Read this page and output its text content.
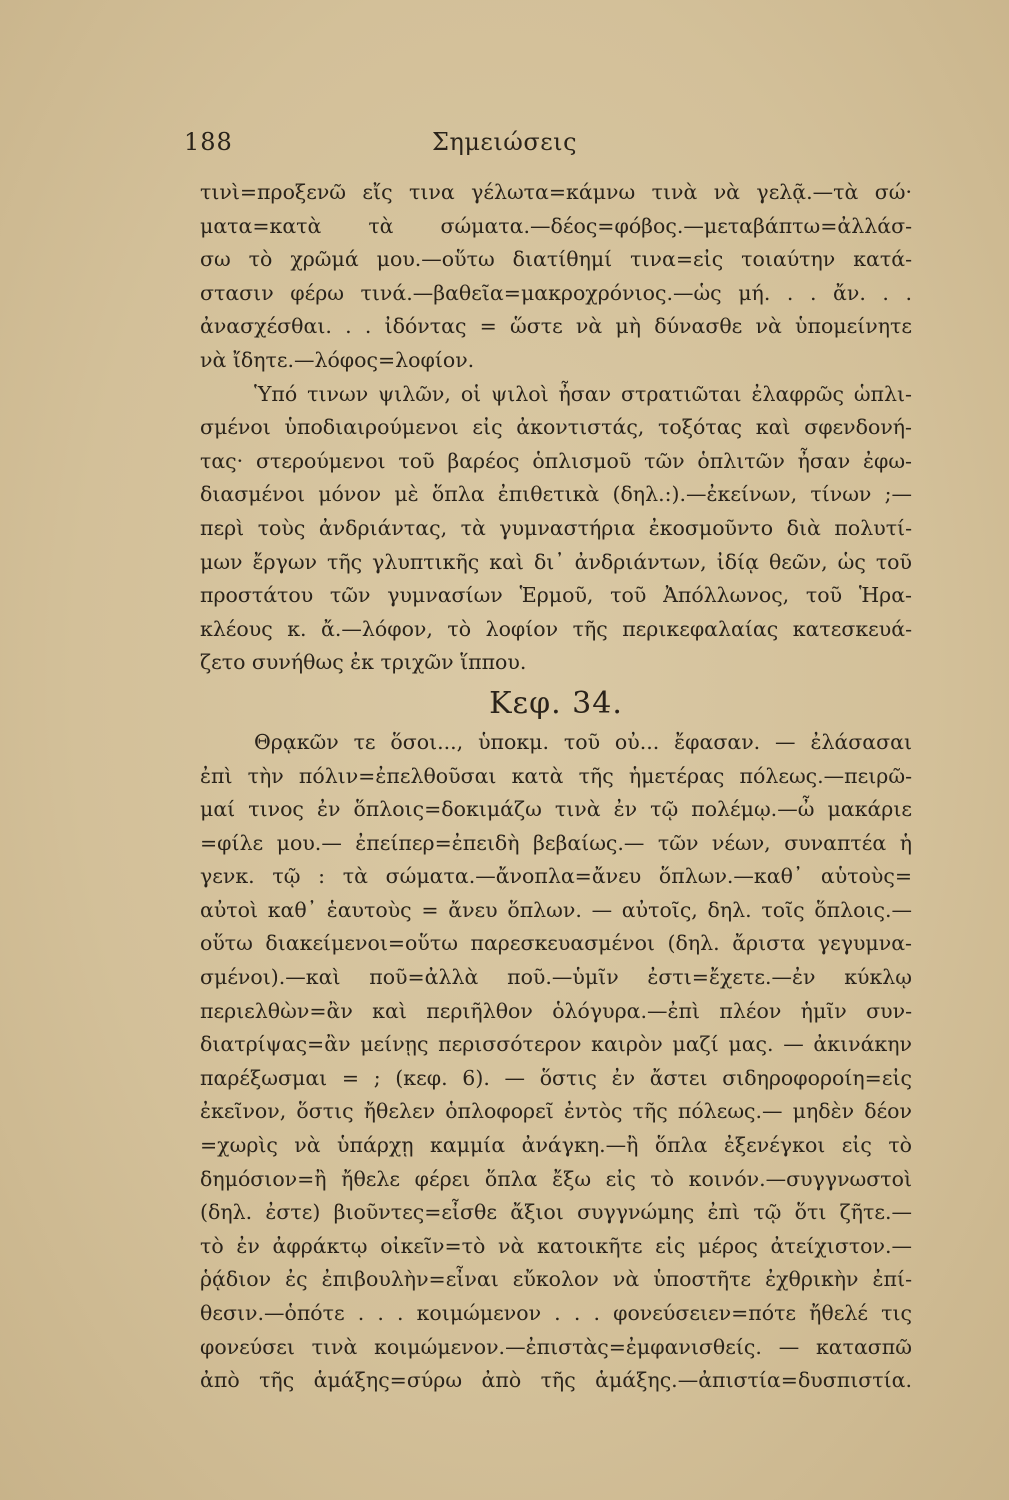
188	Σημειώσεις
τινὶ=προξενῶ εἴς τινα γέλωτα=κάμνω τινὰ νὰ γελᾷ.—τὰ σώ·
ματα=κατὰ τὰ σώματα.—δέος=φόβος.—μεταβάπτω=ἀλλάσ-
σω τὸ χρῶμά μου.—οὕτω διατίθημί τινα=εἰς τοιαύτην κατά-
στασιν φέρω τινά.—βαθεῖα=μακροχρόνιος.—ὡς μή. . . ἄν. . .
ἀνασχέσθαι. . . ἰδόντας = ὥστε νὰ μὴ δύνασθε νὰ ὑπομείνητε
νὰ ἴδητε.—λόφος=λοφίον.
Ὑπό τινων ψιλῶν, οἱ ψιλοὶ ἦσαν στρατιῶται ἐλαφρῶς ὡπλι-
σμένοι ὑποδιαιρούμενοι εἰς ἀκοντιστάς, τοξότας καὶ σφενδονή-
τας· στερούμενοι τοῦ βαρέος ὁπλισμοῦ τῶν ὁπλιτῶν ἦσαν ἐφω-
διασμένοι μόνον μὲ ὅπλα ἐπιθετικὰ (δηλ.:).—ἐκείνων, τίνων ;—
περὶ τοὺς ἀνδριάντας, τὰ γυμναστήρια ἐκοσμοῦντο διὰ πολυτί-
μων ἔργων τῆς γλυπτικῆς καὶ δι᾽ ἀνδριάντων, ἰδίᾳ θεῶν, ὡς τοῦ
προστάτου τῶν γυμνασίων Ἑρμοῦ, τοῦ Ἀπόλλωνος, τοῦ Ἡρα-
κλέους κ. ἄ.—λόφον, τὸ λοφίον τῆς περικεφαλαίας κατεσκευά-
ζετο συνήθως ἐκ τριχῶν ἵππου.
Κεφ. 34.
Θρᾳκῶν τε ὅσοι..., ὑποκμ. τοῦ οὐ... ἔφασαν. — ἐλάσασαι
ἐπὶ τὴν πόλιν=ἐπελθοῦσαι κατὰ τῆς ἡμετέρας πόλεως.—πειρῶ-
μαί τινος ἐν ὅπλοις=δοκιμάζω τινὰ ἐν τῷ πολέμῳ.—ὦ μακάριε
=φίλε μου.— ἐπείπερ=ἐπειδὴ βεβαίως.— τῶν νέων, συναπτέα ἡ
γενκ. τῷ : τὰ σώματα.—ἄνοπλα=ἄνευ ὅπλων.—καθ᾽ αὑτοὺς=
αὐτοὶ καθ᾽ ἑαυτοὺς = ἄνευ ὅπλων. — αὐτοῖς, δηλ. τοῖς ὅπλοις.—
οὕτω διακείμενοι=οὕτω παρεσκευασμένοι (δηλ. ἄριστα γεγυμνα-
σμένοι).—καὶ ποῦ=ἀλλὰ ποῦ.—ὑμῖν ἐστι=ἔχετε.—ἐν κύκλῳ
περιελθὼν=ἂν καὶ περιῆλθον ὁλόγυρα.—ἐπὶ πλέον ἡμῖν συν-
διατρίψας=ἂν μείνῃς περισσότερον καιρὸν μαζί μας. — ἀκινάκην
παρέξωσμαι = ; (κεφ. 6). — ὅστις ἐν ἄστει σιδηροφοροίη=εἰς
ἐκεῖνον, ὅστις ἤθελεν ὁπλοφορεῖ ἐντὸς τῆς πόλεως.— μηδὲν δέον
=χωρὶς νὰ ὑπάρχῃ καμμία ἀνάγκη.—ἢ ὅπλα ἐξενέγκοι εἰς τὸ
δημόσιον=ἢ ἤθελε φέρει ὅπλα ἔξω εἰς τὸ κοινόν.—συγγνωστοὶ
(δηλ. ἐστε) βιοῦντες=εἶσθε ἄξιοι συγγνώμης ἐπὶ τῷ ὅτι ζῆτε.—
τὸ ἐν ἀφράκτῳ οἰκεῖν=τὸ νὰ κατοικῆτε εἰς μέρος ἀτείχιστον.—
ῥᾴδιον ἐς ἐπιβουλὴν=εἶναι εὔκολον νὰ ὑποστῆτε ἐχθρικὴν ἐπί-
θεσιν.—ὁπότε . . . κοιμώμενον . . . φονεύσειεν=πότε ἤθελέ τις
φονεύσει τινὰ κοιμώμενον.—ἐπιστὰς=ἐμφανισθείς. — κατασπῶ
ἀπὸ τῆς ἁμάξης=σύρω ἀπὸ τῆς ἁμάξης.—ἀπιστία=δυσπιστία.
